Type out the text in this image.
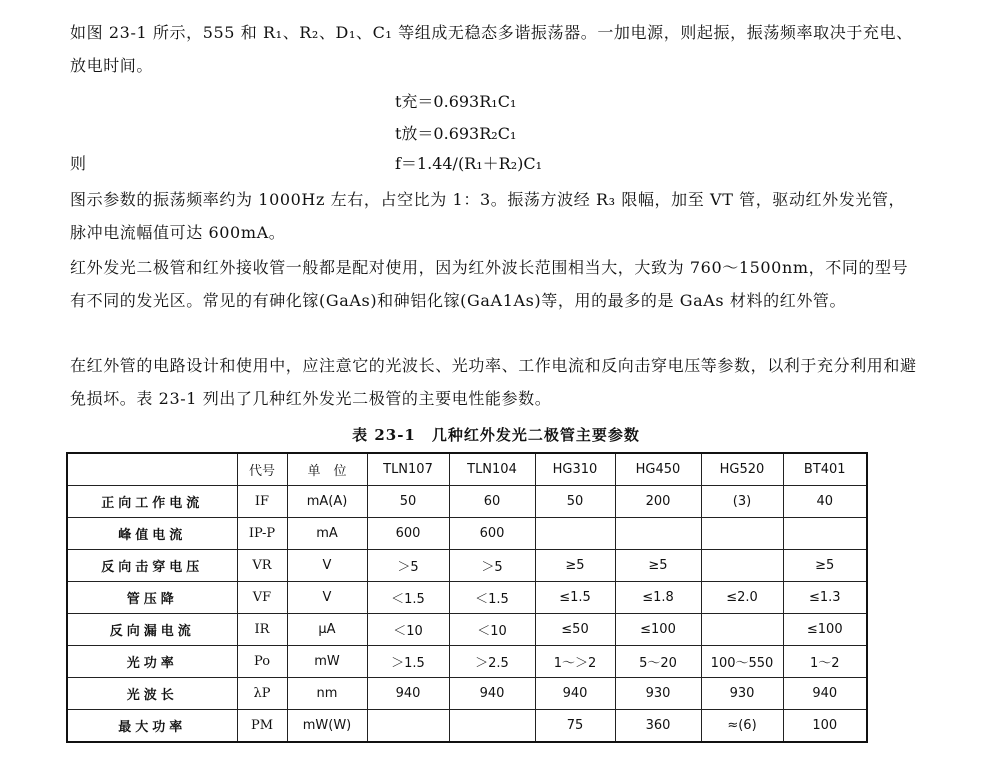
如图 23-1 所示，555 和 R₁、R₂、D₁、C₁ 等组成无稳态多谐振荡器。一加电源，则起振，振荡频率取决于充电、放电时间。

t充＝0.693R₁C₁
t放＝0.693R₂C₁
则	f＝1.44/(R₁＋R₂)C₁

图示参数的振荡频率约为 1000Hz 左右，占空比为 1：3。振荡方波经 R₃ 限幅，加至 VT 管，驱动红外发光管，脉冲电流幅值可达 600mA。

红外发光二极管和红外接收管一般都是配对使用，因为红外波长范围相当大，大致为 760～1500nm，不同的型号有不同的发光区。常见的有砷化镓(GaAs)和砷铝化镓(GaA1As)等，用的最多的是 GaAs 材料的红外管。

在红外管的电路设计和使用中，应注意它的光波长、光功率、工作电流和反向击穿电压等参数，以利于充分利用和避免损坏。表 23-1 列出了几种红外发光二极管的主要电性能参数。

表 23-1　几种红外发光二极管主要参数
	代号	单　位	TLN107	TLN104	HG310	HG450	HG520	BT401
正向工作电流	IF	mA(A)	50	60	50	200	(3)	40
峰值电流	IP-P	mA	600	600				
反向击穿电压	VR	V	＞5	＞5	≥5	≥5		≥5
管压降	VF	V	＜1.5	＜1.5	≤1.5	≤1.8	≤2.0	≤1.3
反向漏电流	IR	μA	＜10	＜10	≤50	≤100		≤100
光功率	Po	mW	＞1.5	＞2.5	1～＞2	5～20	100～550	1～2
光波长	λP	nm	940	940	940	930	930	940
最大功率	PM	mW(W)			75	360	≈(6)	100
